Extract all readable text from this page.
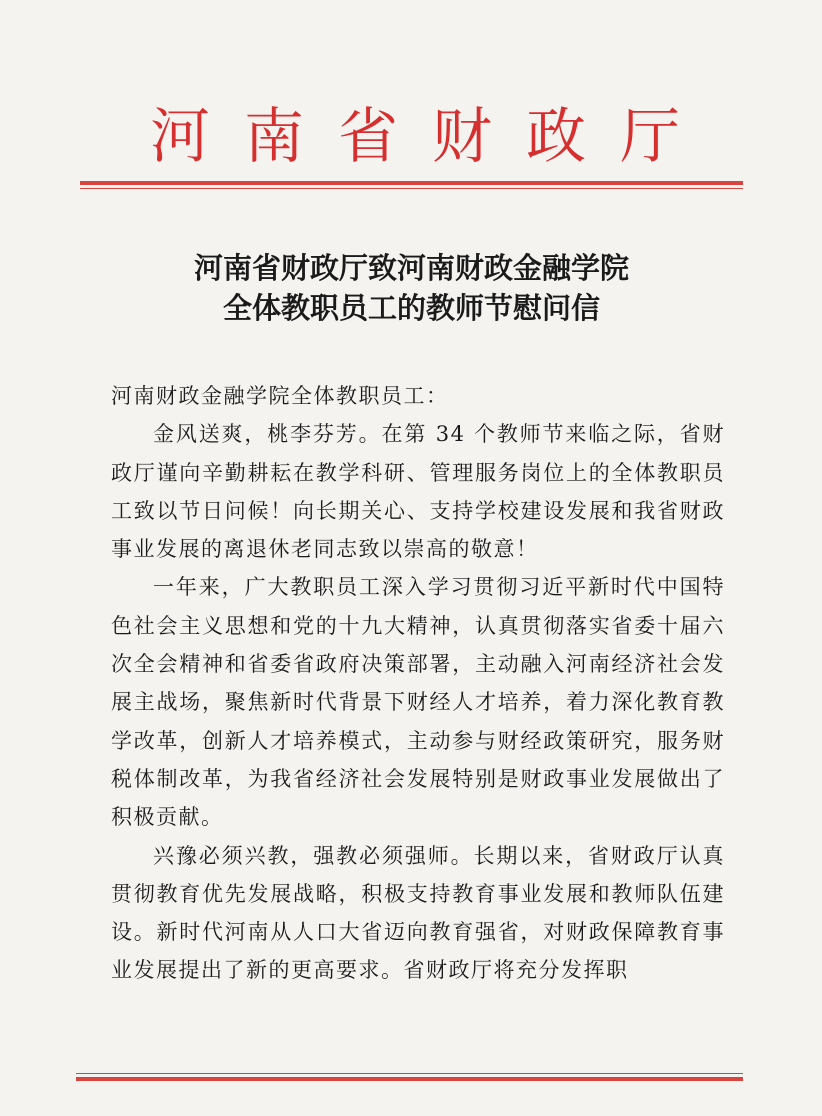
河 南 省 财 政 厅
河南省财政厅致河南财政金融学院
全体教职员工的教师节慰问信

河南财政金融学院全体教职员工：

金风送爽，桃李芬芳。在第 34 个教师节来临之际，省财政厅谨向辛勤耕耘在教学科研、管理服务岗位上的全体教职员工致以节日问候！向长期关心、支持学校建设发展和我省财政事业发展的离退休老同志致以崇高的敬意！

一年来，广大教职员工深入学习贯彻习近平新时代中国特色社会主义思想和党的十九大精神，认真贯彻落实省委十届六次全会精神和省委省政府决策部署，主动融入河南经济社会发展主战场，聚焦新时代背景下财经人才培养，着力深化教育教学改革，创新人才培养模式，主动参与财经政策研究，服务财税体制改革，为我省经济社会发展特别是财政事业发展做出了积极贡献。

兴豫必须兴教，强教必须强师。长期以来，省财政厅认真贯彻教育优先发展战略，积极支持教育事业发展和教师队伍建设。新时代河南从人口大省迈向教育强省，对财政保障教育事业发展提出了新的更高要求。省财政厅将充分发挥职
